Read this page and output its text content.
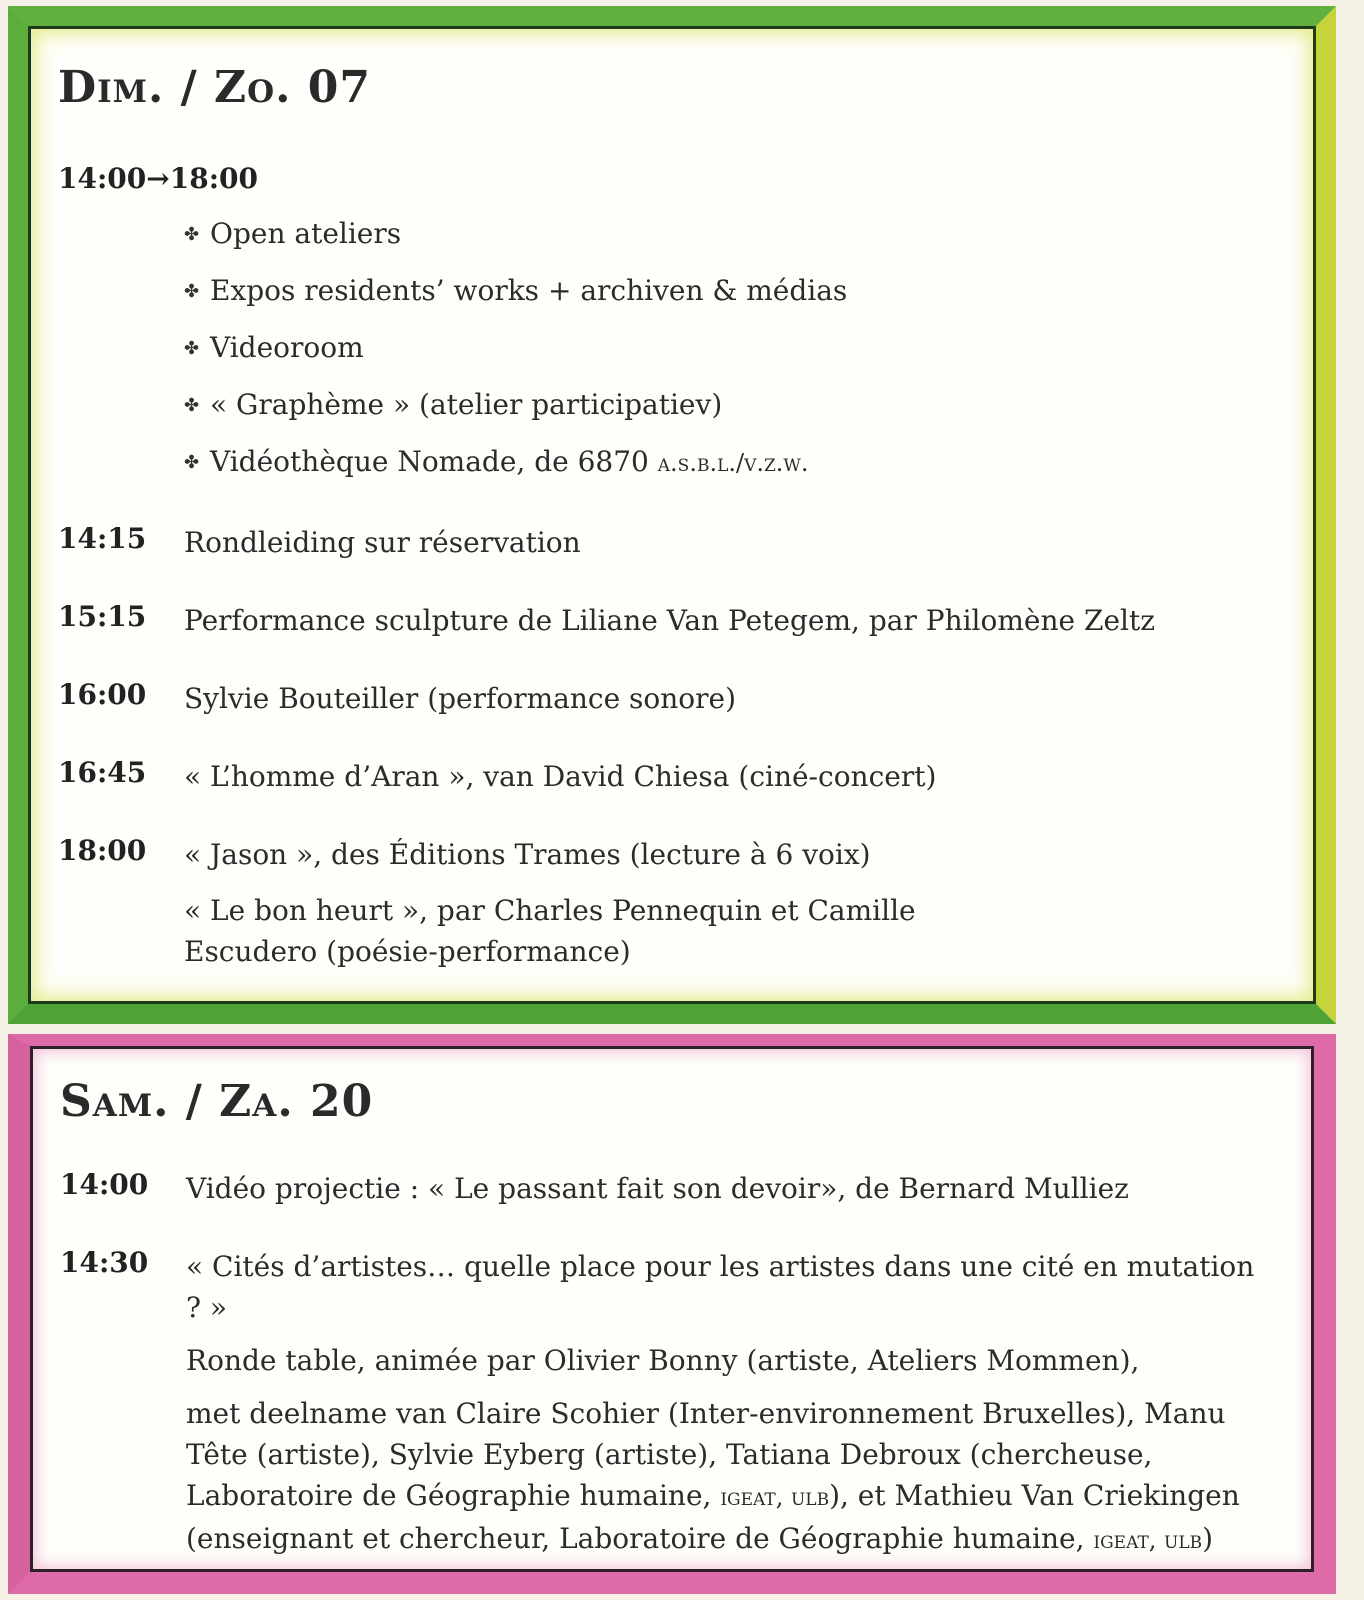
Dim. / Zo. 07
14:00→18:00
✤ Open ateliers
✤ Expos residents’ works + archiven & médias
✤ Videoroom
✤ « Graphème » (atelier participatiev)
✤ Vidéothèque Nomade, de 6870 a.s.b.l./v.z.w.
14:15 Rondleiding sur réservation
15:15 Performance sculpture de Liliane Van Petegem, par Philomène Zeltz
16:00 Sylvie Bouteiller (performance sonore)
16:45 « L’homme d’Aran », van David Chiesa (ciné-concert)
18:00 « Jason », des Éditions Trames (lecture à 6 voix)
« Le bon heurt », par Charles Pennequin et Camille Escudero (poésie-performance)
Sam. / Za. 20
14:00 Vidéo projectie : « Le passant fait son devoir», de Bernard Mulliez
14:30 « Cités d’artistes… quelle place pour les artistes dans une cité en mutation ? »
Ronde table, animée par Olivier Bonny (artiste, Ateliers Mommen),
met deelname van Claire Scohier (Inter-environnement Bruxelles), Manu Tête (artiste), Sylvie Eyberg (artiste), Tatiana Debroux (chercheuse, Laboratoire de Géographie humaine, igeat, ulb), et Mathieu Van Criekingen (enseignant et chercheur, Laboratoire de Géographie humaine, igeat, ulb)
